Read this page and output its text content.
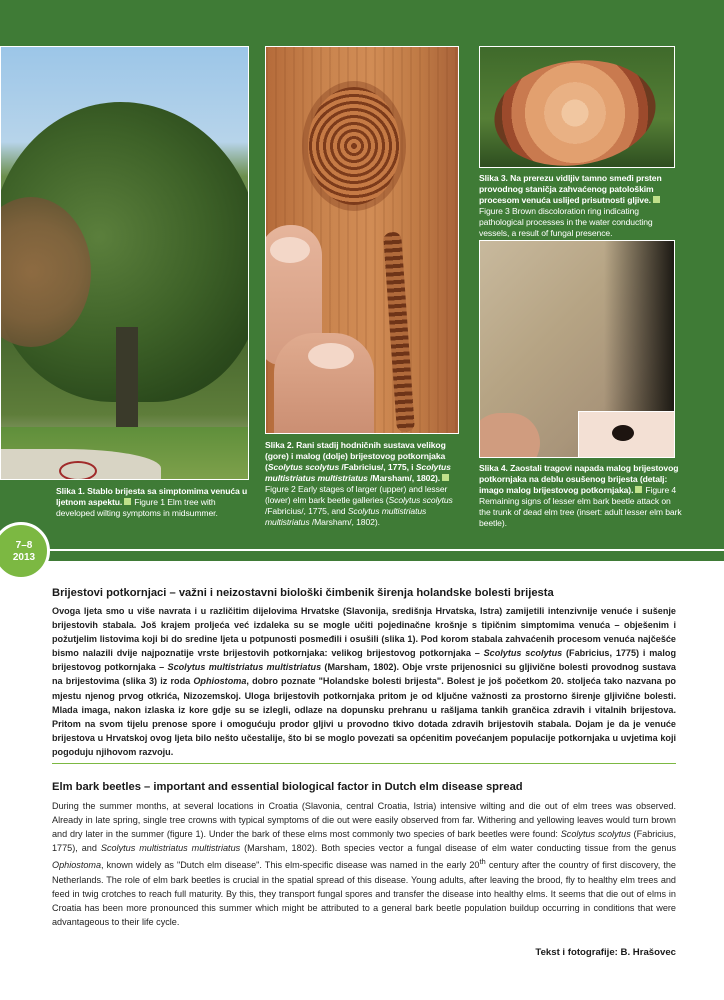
Slika 1. Stablo brijesta sa simptomima venuća u ljetnom aspektu. Figure 1 Elm tree with developed wilting symptoms in midsummer.
Slika 2. Rani stadij hodničnih sustava velikog (gore) i malog (dolje) brijestovog potkornjaka (Scolytus scolytus /Fabricius/, 1775, i Scolytus multistriatus multistriatus /Marsham/, 1802).Figure 2 Early stages of larger (upper) and lesser (lower) elm bark beetle galleries (Scolytus scolytus /Fabricius/, 1775, and Scolytus multistriatus multistriatus /Marsham/, 1802).
Slika 3. Na prerezu vidljiv tamno smeđi prsten provodnog staničja zahvaćenog patološkim procesom venuća uslijed prisutnosti gljive.Figure 3 Brown discoloration ring indicating pathological processes in the water conducting vessels, a result of fungal presence.
Slika 4. Zaostali tragovi napada malog brijestovog potkornjaka na deblu osušenog brijesta (detalj: imago malog brijestovog potkornjaka). Figure 4 Remaining signs of lesser elm bark beetle attack on the trunk of dead elm tree (insert: adult lesser elm bark beetle).
7–8
2013
Brijestovi potkornjaci – važni i neizostavni biološki čimbenik širenja holandske bolesti brijesta
Ovoga ljeta smo u više navrata i u različitim dijelovima Hrvatske (Slavonija, središnja Hrvatska, Istra) zamijetili intenzivnije venuće i sušenje brijestovih stabala. Još krajem proljeća već izdaleka su se mogle učiti pojedinačne krošnje s tipičnim simptomima venuća – obješenim i požutjelim listovima koji bi do sredine ljeta u potpunosti posmeđili i osušili (slika 1). Pod korom stabala zahvaćenih procesom venuća najčešće bismo nalazili dvije najpoznatije vrste brijestovih potkornjaka: velikog brijestovog potkornjaka – Scolytus scolytus (Fabricius, 1775) i malog brijestovog potkornjaka – Scolytus multistriatus multistriatus (Marsham, 1802). Obje vrste prijenosnici su gljivične bolesti provodnog sustava na brijestovima (slika 3) iz roda Ophiostoma, dobro poznate "Holandske bolesti brijesta". Bolest je još početkom 20. stoljeća tako nazvana po mjestu njenog prvog otkrića, Nizozemskoj. Uloga brijestovih potkornjaka pritom je od ključne važnosti za prostorno širenje gljivične bolesti. Mlada imaga, nakon izlaska iz kore gdje su se izlegli, odlaze na dopunsku prehranu u rašljama tankih grančica zdravih i vitalnih brijestova. Pritom na svom tijelu prenose spore i omogućuju prodor gljivi u provodno tkivo dotada zdravih brijestovih stabala. Dojam je da je venuće brijestova u Hrvatskoj ovog ljeta bilo nešto učestalije, što bi se moglo povezati sa općenitim povećanjem populacije potkornjaka u uvjetima koji pogoduju njihovom razvoju.
Elm bark beetles – important and essential biological factor in Dutch elm disease spread
During the summer months, at several locations in Croatia (Slavonia, central Croatia, Istria) intensive wilting and die out of elm trees was observed. Already in late spring, single tree crowns with typical symptoms of die out were easily observed from far. Withering and yellowing leaves would turn brown and dry later in the summer (figure 1). Under the bark of these elms most commonly two species of bark beetles were found: Scolytus scolytus (Fabricius, 1775), and Scolytus multistriatus multistriatus (Marsham, 1802). Both species vector a fungal disease of elm water conducting tissue from the genus Ophiostoma, known widely as "Dutch elm disease". This elm-specific disease was named in the early 20th century after the country of first discovery, the Netherlands. The role of elm bark beetles is crucial in the spatial spread of this disease. Young adults, after leaving the brood, fly to healthy elm trees and feed in twig crotches to reach full maturity. By this, they transport fungal spores and transfer the disease into healthy elms. It seems that die out of elms in Croatia has been more pronounced this summer which might be attributed to a general bark beetle population buildup occurring in conditions that were advantageous to their life cycle.
Tekst i fotografije: B. Hrašovec
